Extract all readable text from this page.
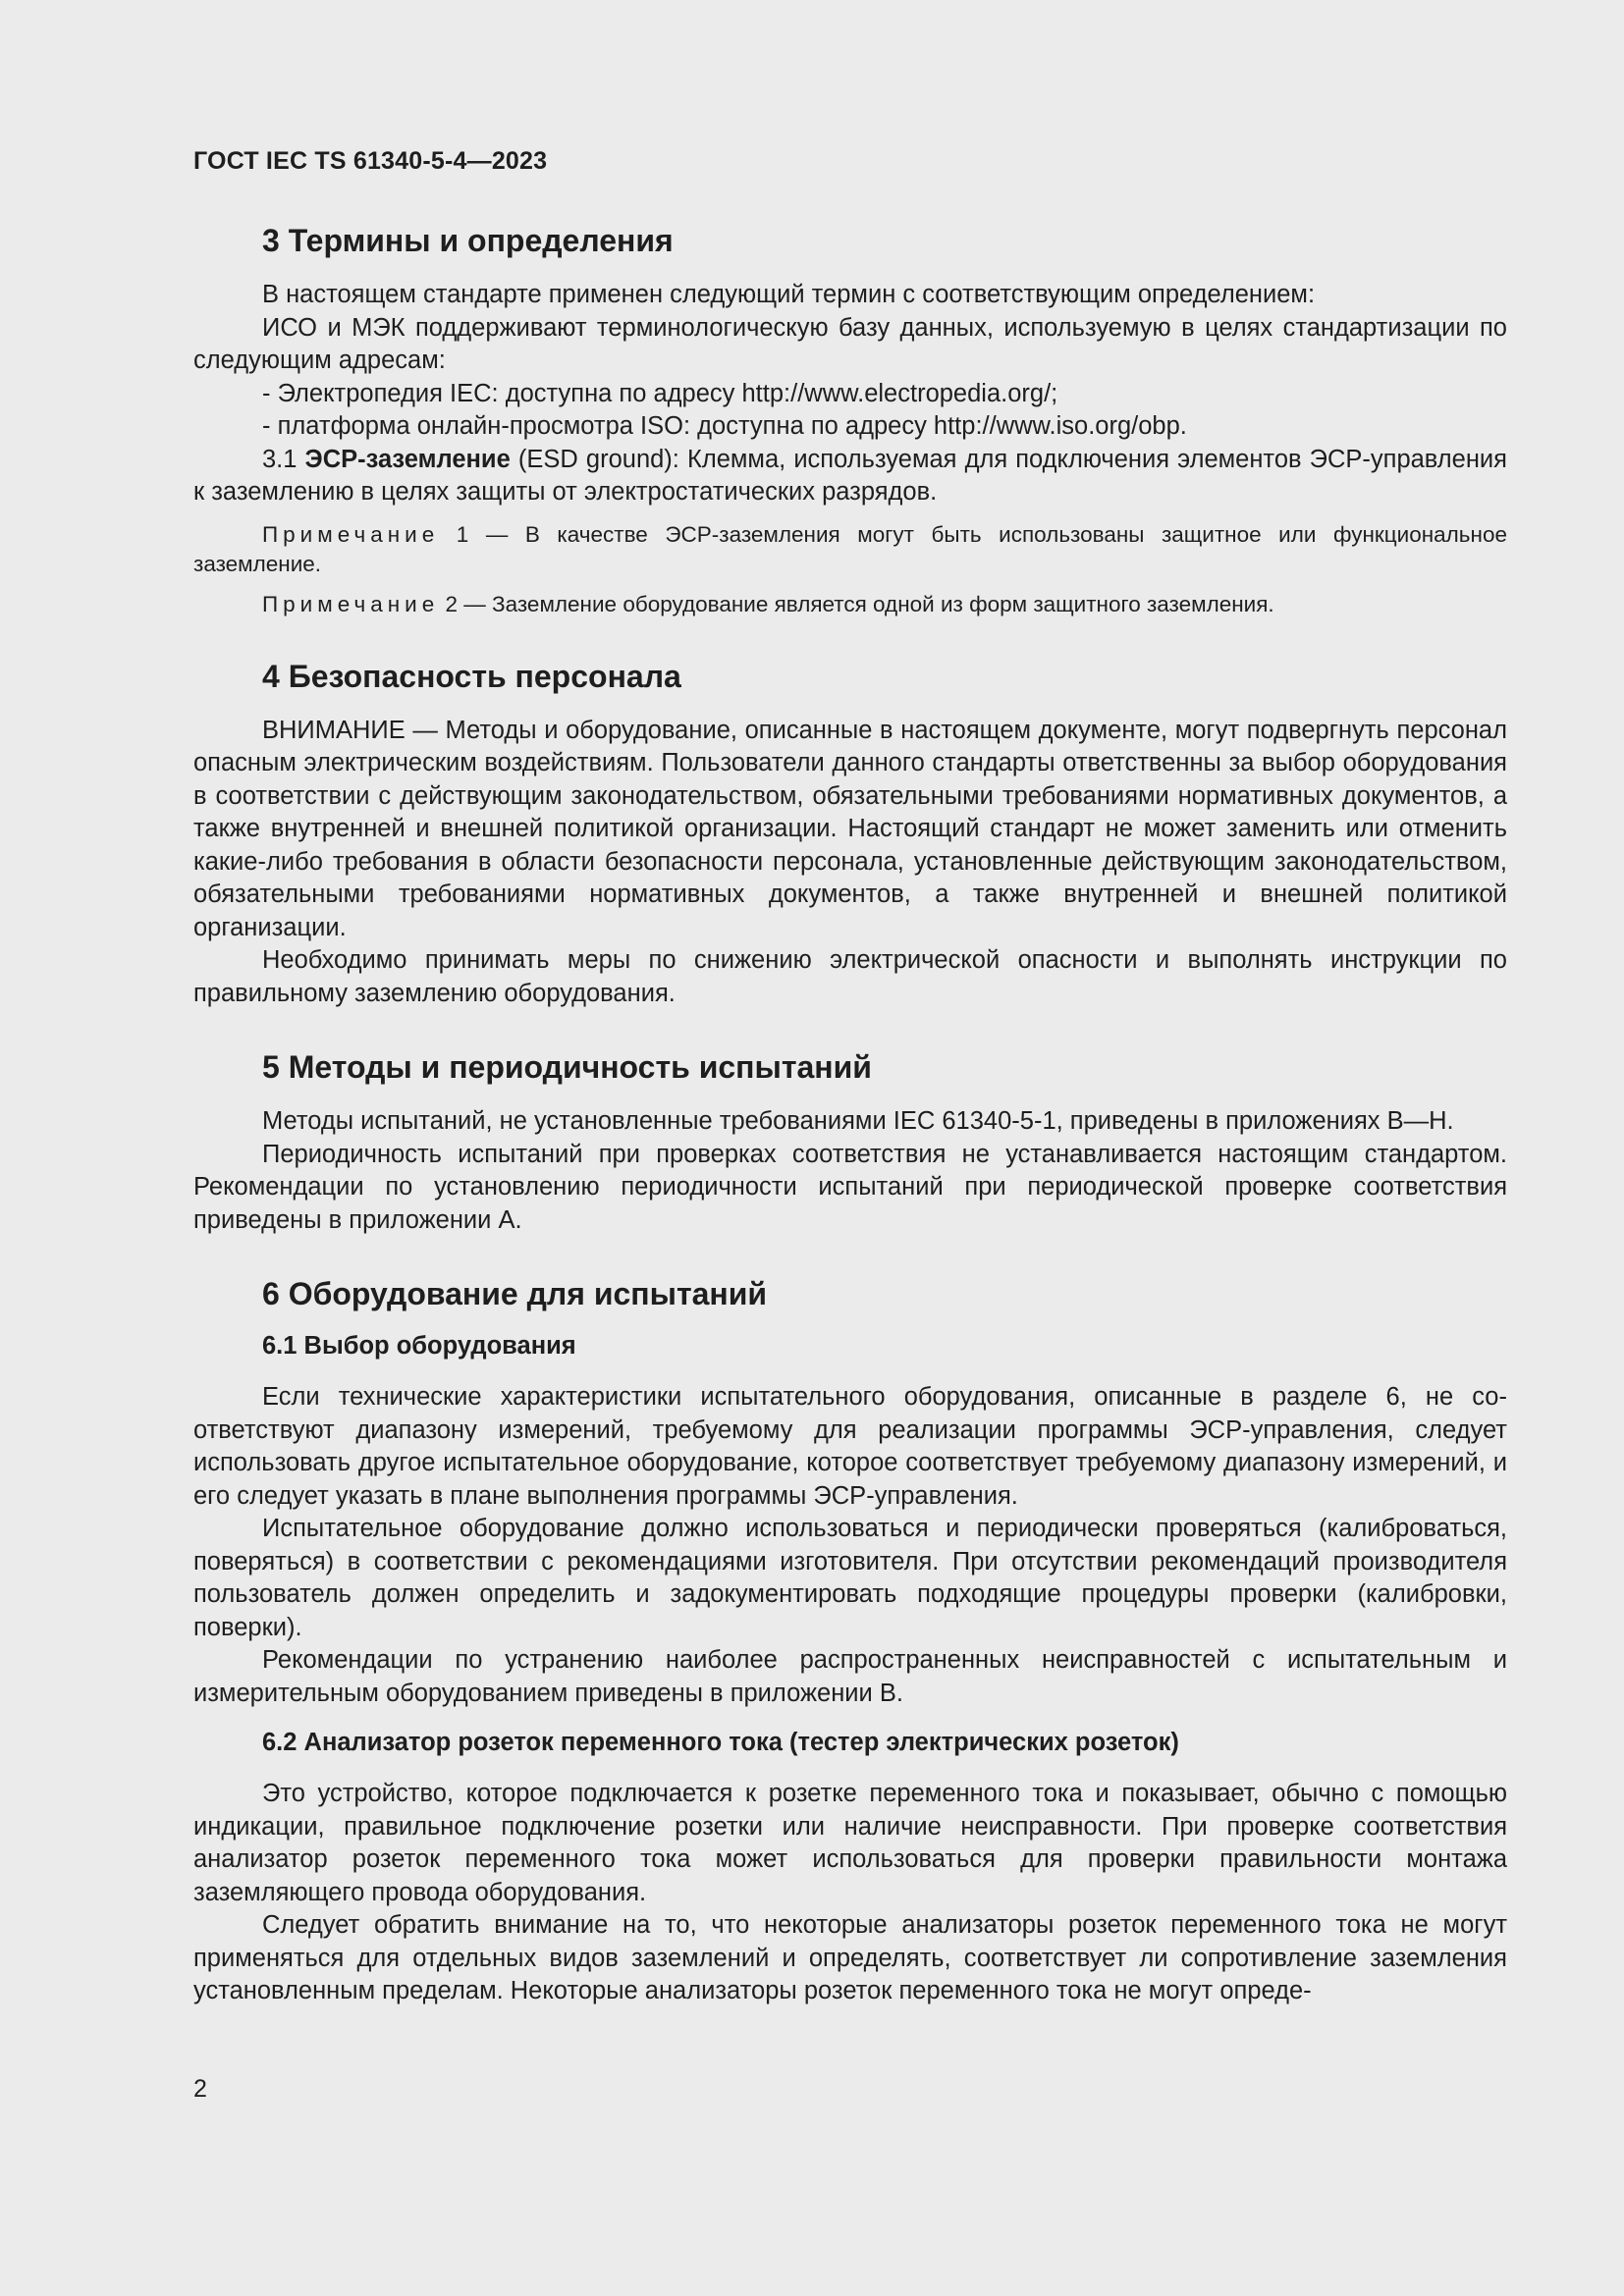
ГОСТ IEC TS 61340-5-4—2023
3 Термины и определения

В настоящем стандарте применен следующий термин с соответствующим определением:

ИСО и МЭК поддерживают терминологическую базу данных, используемую в целях стандартизации по следующим адресам:

- Электропедия IEC: доступна по адресу http://www.electropedia.org/;

- платформа онлайн-просмотра ISO: доступна по адресу http://www.iso.org/obp.

3.1 ЭСР-заземление (ESD ground): Клемма, используемая для подключения элементов ЭСР-управления к заземлению в целях защиты от электростатических разрядов.

Примечание 1 — В качестве ЭСР-заземления могут быть использованы защитное или функциональное заземление.

Примечание 2 — Заземление оборудование является одной из форм защитного заземления.

4 Безопасность персонала

ВНИМАНИЕ — Методы и оборудование, описанные в настоящем документе, могут подвергнуть персонал опасным электрическим воздействиям. Пользователи данного стандарты ответственны за выбор оборудования в соответствии с действующим законодательством, обязательными требованиями нормативных документов, а также внутренней и внешней политикой организации. Настоящий стандарт не может заменить или отменить какие-либо требования в области безопасности персонала, установленные действующим законодательством, обязательными требованиями нормативных документов, а также внутренней и внешней политикой организации.

Необходимо принимать меры по снижению электрической опасности и выполнять инструкции по правильному заземлению оборудования.

5 Методы и периодичность испытаний

Методы испытаний, не установленные требованиями IEC 61340-5-1, приведены в приложениях В—Н.

Периодичность испытаний при проверках соответствия не устанавливается настоящим стандартом. Рекомендации по установлению периодичности испытаний при периодической проверке соответствия приведены в приложении А.

6 Оборудование для испытаний
6.1 Выбор оборудования

Если технические характеристики испытательного оборудования, описанные в разделе 6, не соответствуют диапазону измерений, требуемому для реализации программы ЭСР-управления, следует использовать другое испытательное оборудование, которое соответствует требуемому диапазону измерений, и его следует указать в плане выполнения программы ЭСР-управления.

Испытательное оборудование должно использоваться и периодически проверяться (калиброваться, поверяться) в соответствии с рекомендациями изготовителя. При отсутствии рекомендаций производителя пользователь должен определить и задокументировать подходящие процедуры проверки (калибровки, поверки).

Рекомендации по устранению наиболее распространенных неисправностей с испытательным и измерительным оборудованием приведены в приложении В.

6.2 Анализатор розеток переменного тока (тестер электрических розеток)

Это устройство, которое подключается к розетке переменного тока и показывает, обычно с помощью индикации, правильное подключение розетки или наличие неисправности. При проверке соответствия анализатор розеток переменного тока может использоваться для проверки правильности монтажа заземляющего провода оборудования.

Следует обратить внимание на то, что некоторые анализаторы розеток переменного тока не могут применяться для отдельных видов заземлений и определять, соответствует ли сопротивление заземления установленным пределам. Некоторые анализаторы розеток переменного тока не могут опреде-

2
